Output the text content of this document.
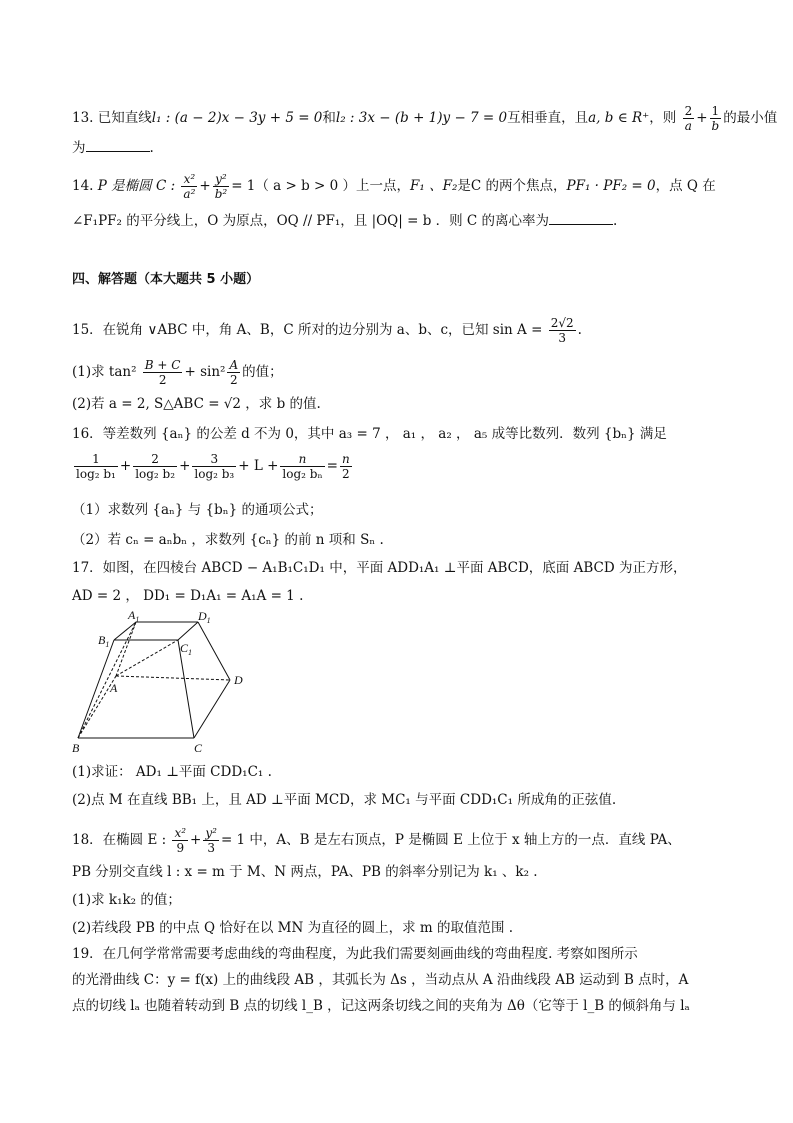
13. 已知直线l₁ : (a − 2)x − 3y + 5 = 0和l₂ : 3x − (b + 1)y − 7 = 0互相垂直，且a, b ∈ R⁺，则 $\frac{2}{a} + \frac{1}{b}$ 的最小值
为	.
14. P 是椭圆 C : $\frac{\text{x²}}{\text{a²}} + \frac{\text{y²}}{\text{b²}} = 1$（ a > b > 0 ）上一点，F₁ 、F₂是C 的两个焦点，PF₁ · PF₂ = 0，点 Q 在
∠F₁PF₂ 的平分线上，O 为原点，OQ // PF₁，且 |OQ| = b ．则 C 的离心率为	.
四、解答题（本大题共 5 小题）
15．在锐角 ∨ABC 中，角 A、B，C 所对的边分别为 a、b、c，已知 $\sin A = \frac{2√2}{3}$ .
(1)求 $\tan^2 \frac{B + C}{2} + \sin^2 \frac{A}{2}$ 的值；
(2)若 a = 2, S△ABC = √2 ，求 b 的值.
16．等差数列 {aₙ} 的公差 d 不为 0，其中 a₃ = 7 ， a₁ ， a₂ ， a₅ 成等比数列．数列 {bₙ} 满足
$\frac{1}{\text{log₂ b₁}} + \frac{2}{\text{log₂ b₂}} + \frac{3}{\text{log₂ b₃}} + L + \frac{n}{\text{log₂ bₙ}} = \frac{n}{2}$
（1）求数列 {aₙ} 与 {bₙ} 的通项公式；
（2）若 cₙ = aₙbₙ ，求数列 {cₙ} 的前 n 项和 Sₙ .
17．如图，在四棱台 ABCD − A₁B₁C₁D₁ 中，平面 ADD₁A₁ ⊥平面 ABCD，底面 ABCD 为正方形，
AD = 2 ， DD₁ = D₁A₁ = A₁A = 1 .
$A_1$	$D_1$
$B_1$	$C_1$
A
D
B	C
(1)求证： AD₁ ⊥平面 CDD₁C₁ .
(2)点 M 在直线 BB₁ 上，且 AD ⊥平面 MCD，求 MC₁ 与平面 CDD₁C₁ 所成角的正弦值.
18．在椭圆 E : $\frac{\text{x²}}{9} + \frac{\text{y²}}{3} = 1$ 中，A、B 是左右顶点，P 是椭圆 E 上位于 x 轴上方的一点．直线 PA、
PB 分别交直线 l : x = m 于 M、N 两点，PA、PB 的斜率分别记为 k₁ 、k₂ .
(1)求 k₁k₂ 的值；
(2)若线段 PB 的中点 Q 恰好在以 MN 为直径的圆上，求 m 的取值范围 .
19．在几何学常常需要考虑曲线的弯曲程度，为此我们需要刻画曲线的弯曲程度. 考察如图所示
的光滑曲线 C：y = f(x) 上的曲线段 AB ，其弧长为 Δs ，当动点从 A 沿曲线段 AB 运动到 B 点时，A
点的切线 lₐ 也随着转动到 B 点的切线 l_B ，记这两条切线之间的夹角为 Δθ（它等于 l_B 的倾斜角与 lₐ
